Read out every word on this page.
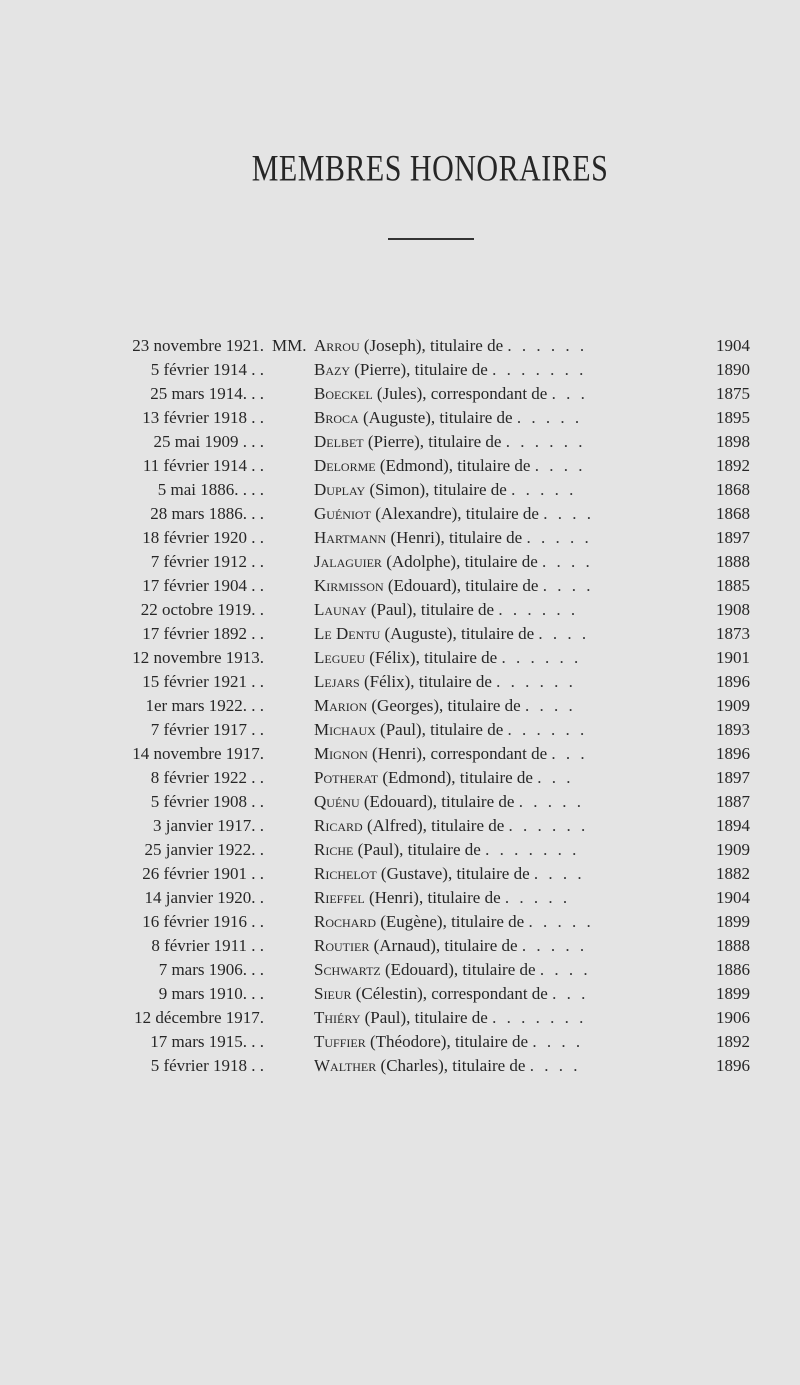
MEMBRES HONORAIRES
23 novembre 1921. MM. Arrou (Joseph), titulaire de . . . . . .	1904
5 février 1914 . .	Bazy (Pierre), titulaire de . . . . . . .	1890
25 mars 1914. . .	Boeckel (Jules), correspondant de . . .	1875
13 février 1918 . .	Broca (Auguste), titulaire de . . . . .	1895
25 mai 1909 . . .	Delbet (Pierre), titulaire de . . . . . .	1898
11 février 1914 . .	Delorme (Edmond), titulaire de . . . .	1892
5 mai 1886. . . .	Duplay (Simon), titulaire de . . . . .	1868
28 mars 1886. . .	Guéniot (Alexandre), titulaire de . . . .	1868
18 février 1920 . .	Hartmann (Henri), titulaire de . . . . .	1897
7 février 1912 . .	Jalaguier (Adolphe), titulaire de . . . .	1888
17 février 1904 . .	Kirmisson (Edouard), titulaire de . . . .	1885
22 octobre 1919. .	Launay (Paul), titulaire de . . . . . .	1908
17 février 1892 . .	Le Dentu (Auguste), titulaire de . . . .	1873
12 novembre 1913.	Legueu (Félix), titulaire de . . . . . .	1901
15 février 1921 . .	Lejars (Félix), titulaire de . . . . . .	1896
1er mars 1922. . .	Marion (Georges), titulaire de . . . .	1909
7 février 1917 . .	Michaux (Paul), titulaire de . . . . . .	1893
14 novembre 1917.	Mignon (Henri), correspondant de . . .	1896
8 février 1922 . .	Potherat (Edmond), titulaire de . . .	1897
5 février 1908 . .	Quénu (Edouard), titulaire de . . . . .	1887
3 janvier 1917. .	Ricard (Alfred), titulaire de . . . . . .	1894
25 janvier 1922. .	Riche (Paul), titulaire de . . . . . . .	1909
26 février 1901 . .	Richelot (Gustave), titulaire de . . . .	1882
14 janvier 1920. .	Rieffel (Henri), titulaire de . . . . .	1904
16 février 1916 . .	Rochard (Eugène), titulaire de . . . . .	1899
8 février 1911 . .	Routier (Arnaud), titulaire de . . . . .	1888
7 mars 1906. . .	Schwartz (Edouard), titulaire de . . . .	1886
9 mars 1910. . .	Sieur (Célestin), correspondant de . . .	1899
12 décembre 1917.	Thiéry (Paul), titulaire de . . . . . . .	1906
17 mars 1915. . .	Tuffier (Théodore), titulaire de . . . .	1892
5 février 1918 . .	Walther (Charles), titulaire de . . . .	1896
